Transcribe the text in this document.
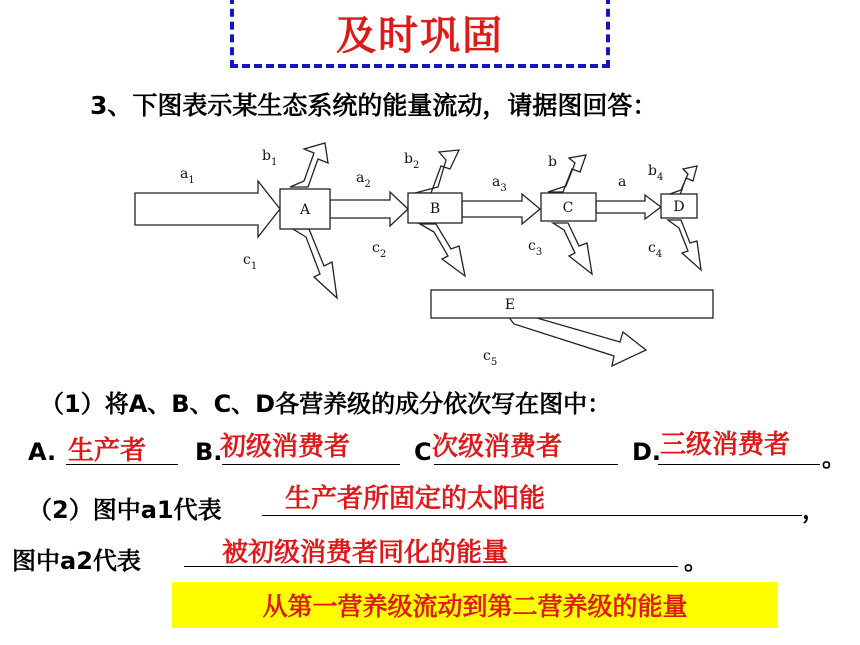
及时巩固
3、下图表示某生态系统的能量流动，请据图回答：
A	B	C	D
E
$a_1$	$a_2$	$a_3$	a
$b_1$	$b_2$	b
$b_4$
$c_1$
$c_2$
$c_3$	$c_4$
$c_5$
（1）将A、B、C、D各营养级的成分依次写在图中：
A. 生产者 B.
初级消费者	C 次级消费者	D.
三级消费者 。
（2）图中a1代表 生产者所固定的太阳能	，
图中a2代表	被初级消费者同化的能量	。
从第一营养级流动到第二营养级的能量
